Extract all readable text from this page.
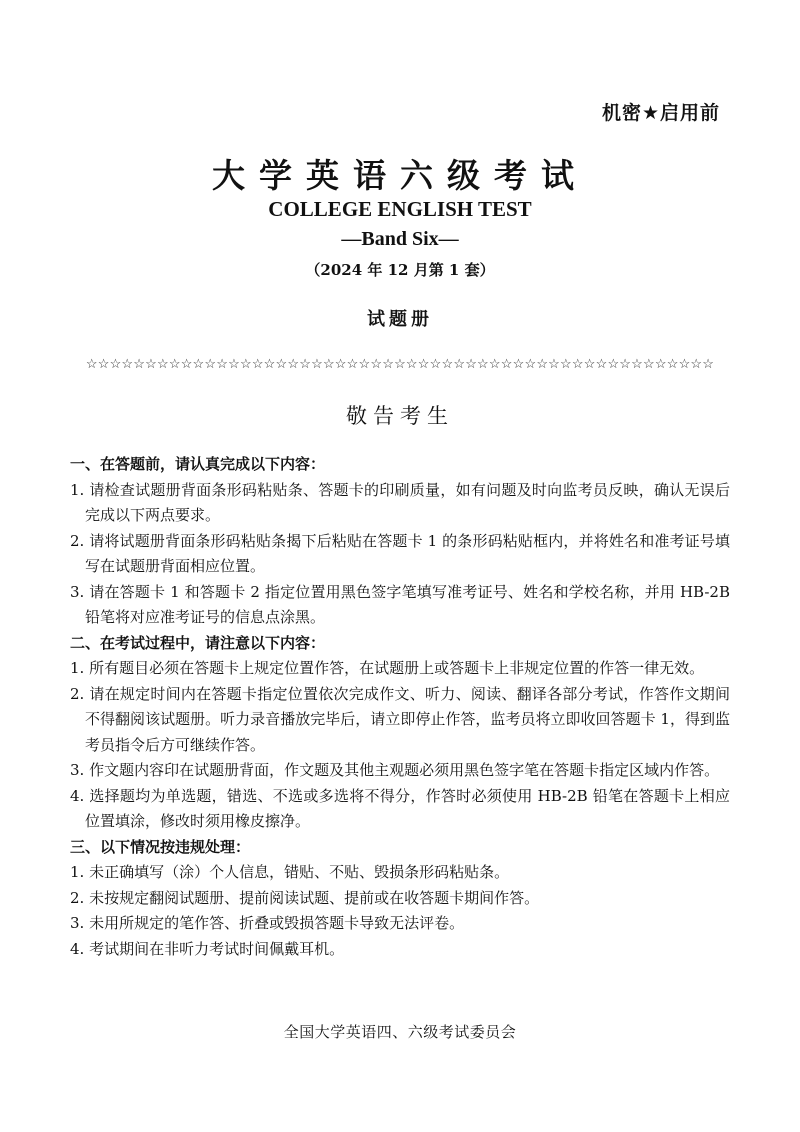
机密★启用前
大学英语六级考试
COLLEGE ENGLISH TEST
—Band Six—
（2024 年 12 月第 1 套）
试题册
☆☆☆☆☆☆☆☆☆☆☆☆☆☆☆☆☆☆☆☆☆☆☆☆☆☆☆☆☆☆☆☆☆☆☆☆☆☆☆☆☆☆☆☆☆☆☆☆☆☆☆☆☆
敬告考生
一、在答题前，请认真完成以下内容：
1. 请检查试题册背面条形码粘贴条、答题卡的印刷质量，如有问题及时向监考员反映，确认无误后完成以下两点要求。
2. 请将试题册背面条形码粘贴条揭下后粘贴在答题卡 1 的条形码粘贴框内，并将姓名和准考证号填写在试题册背面相应位置。
3. 请在答题卡 1 和答题卡 2 指定位置用黑色签字笔填写准考证号、姓名和学校名称，并用 HB-2B 铅笔将对应准考证号的信息点涂黑。
二、在考试过程中，请注意以下内容：
1. 所有题目必须在答题卡上规定位置作答，在试题册上或答题卡上非规定位置的作答一律无效。
2. 请在规定时间内在答题卡指定位置依次完成作文、听力、阅读、翻译各部分考试，作答作文期间不得翻阅该试题册。听力录音播放完毕后，请立即停止作答，监考员将立即收回答题卡 1，得到监考员指令后方可继续作答。
3. 作文题内容印在试题册背面，作文题及其他主观题必须用黑色签字笔在答题卡指定区域内作答。
4. 选择题均为单选题，错选、不选或多选将不得分，作答时必须使用 HB-2B 铅笔在答题卡上相应位置填涂，修改时须用橡皮擦净。
三、以下情况按违规处理：
1. 未正确填写（涂）个人信息，错贴、不贴、毁损条形码粘贴条。
2. 未按规定翻阅试题册、提前阅读试题、提前或在收答题卡期间作答。
3. 未用所规定的笔作答、折叠或毁损答题卡导致无法评卷。
4. 考试期间在非听力考试时间佩戴耳机。
全国大学英语四、六级考试委员会
